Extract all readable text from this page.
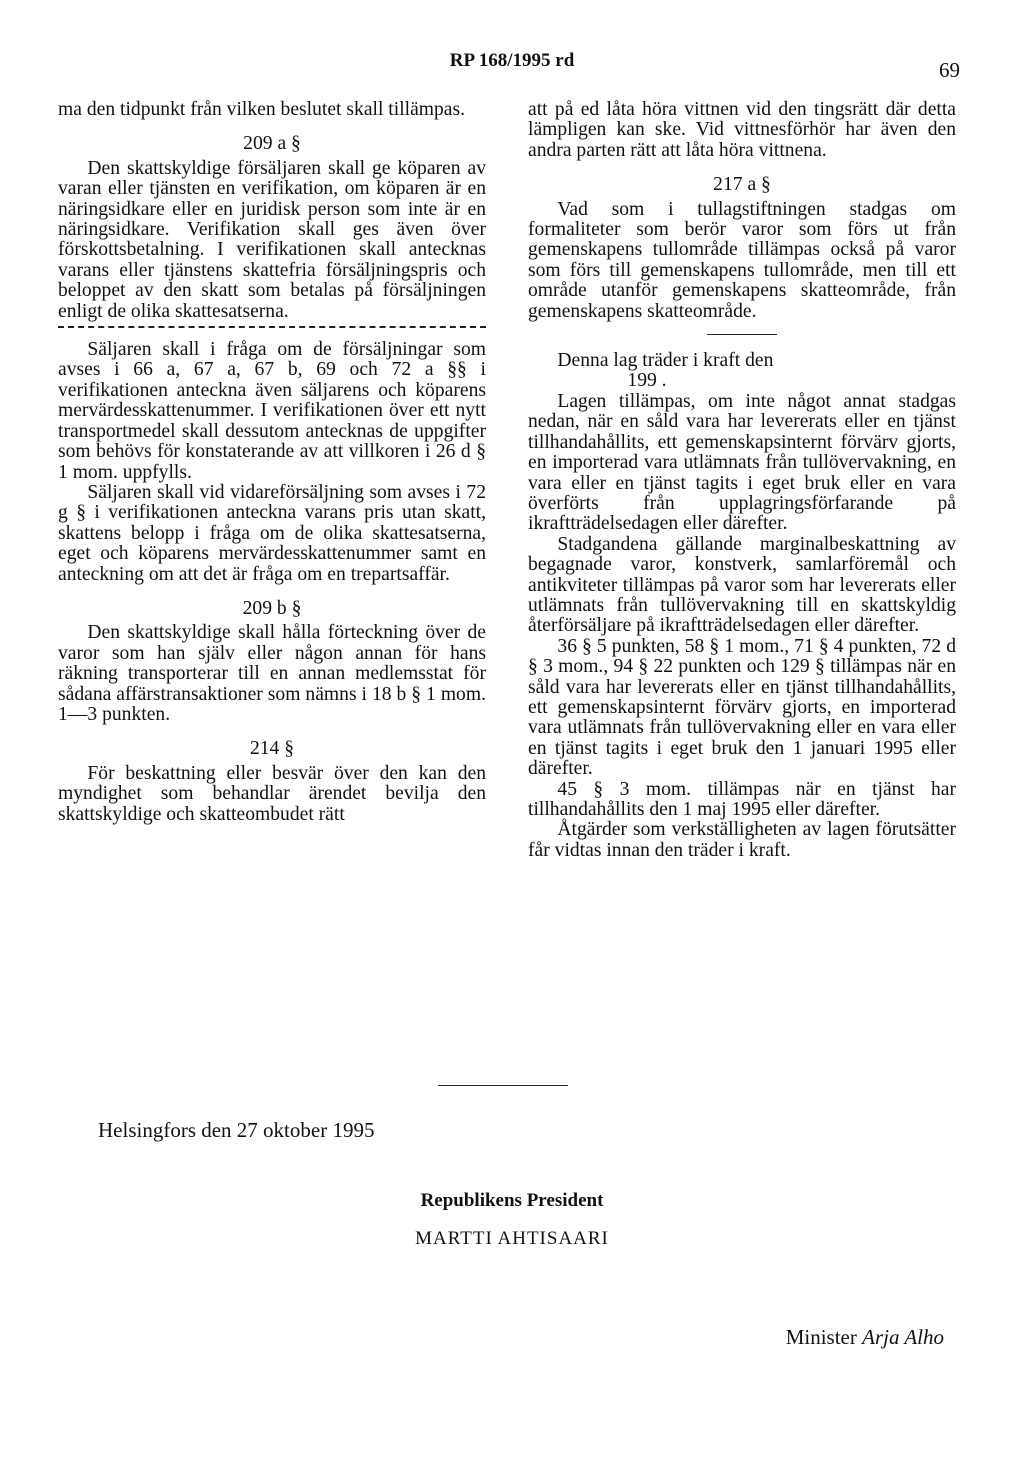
RP 168/1995 rd	69

ma den tidpunkt från vilken beslutet skall tillämpas.

209 a §

Den skattskyldige försäljaren skall ge köparen av varan eller tjänsten en verifikation, om köparen är en näringsidkare eller en juridisk person som inte är en näringsidkare. Verifikation skall ges även över förskottsbetalning. I verifikationen skall antecknas varans eller tjänstens skattefria försäljningspris och beloppet av den skatt som betalas på försäljningen enligt de olika skattesatserna.

Säljaren skall i fråga om de försäljningar som avses i 66 a, 67 a, 67 b, 69 och 72 a §§ i verifikationen anteckna även säljarens och köparens mervärdesskattenummer. I verifikationen över ett nytt transportmedel skall dessutom antecknas de uppgifter som behövs för konstaterande av att villkoren i 26 d § 1 mom. uppfylls.

Säljaren skall vid vidareförsäljning som avses i 72 g § i verifikationen anteckna varans pris utan skatt, skattens belopp i fråga om de olika skattesatserna, eget och köparens mervärdesskattenummer samt en anteckning om att det är fråga om en trepartsaffär.

209 b §

Den skattskyldige skall hålla förteckning över de varor som han själv eller någon annan för hans räkning transporterar till en annan medlemsstat för sådana affärstransaktioner som nämns i 18 b § 1 mom. 1—3 punkten.

214 §

För beskattning eller besvär över den kan den myndighet som behandlar ärendet bevilja den skattskyldige och skatteombudet rätt

att på ed låta höra vittnen vid den tingsrätt där detta lämpligen kan ske. Vid vittnesförhör har även den andra parten rätt att låta höra vittnena.

217 a §

Vad som i tullagstiftningen stadgas om formaliteter som berör varor som förs ut från gemenskapens tullområde tillämpas också på varor som förs till gemenskapens tullområde, men till ett område utanför gemenskapens skatteområde, från gemenskapens skatteområde.

Denna lag träder i kraft den

199 .

Lagen tillämpas, om inte något annat stadgas nedan, när en såld vara har levererats eller en tjänst tillhandahållits, ett gemenskapsinternt förvärv gjorts, en importerad vara utlämnats från tullövervakning, en vara eller en tjänst tagits i eget bruk eller en vara överförts från upplagringsförfarande på ikraftträdelsedagen eller därefter.

Stadgandena gällande marginalbeskattning av begagnade varor, konstverk, samlarföremål och antikviteter tillämpas på varor som har levererats eller utlämnats från tullövervakning till en skattskyldig återförsäljare på ikraftträdelsedagen eller därefter.

36 § 5 punkten, 58 § 1 mom., 71 § 4 punkten, 72 d § 3 mom., 94 § 22 punkten och 129 § tillämpas när en såld vara har levererats eller en tjänst tillhandahållits, ett gemenskapsinternt förvärv gjorts, en importerad vara utlämnats från tullövervakning eller en vara eller en tjänst tagits i eget bruk den 1 januari 1995 eller därefter.

45 § 3 mom. tillämpas när en tjänst har tillhandahållits den 1 maj 1995 eller därefter.

Åtgärder som verkställigheten av lagen förutsätter får vidtas innan den träder i kraft.

Helsingfors den 27 oktober 1995
Republikens President
MARTTI AHTISAARI
Minister Arja Alho
